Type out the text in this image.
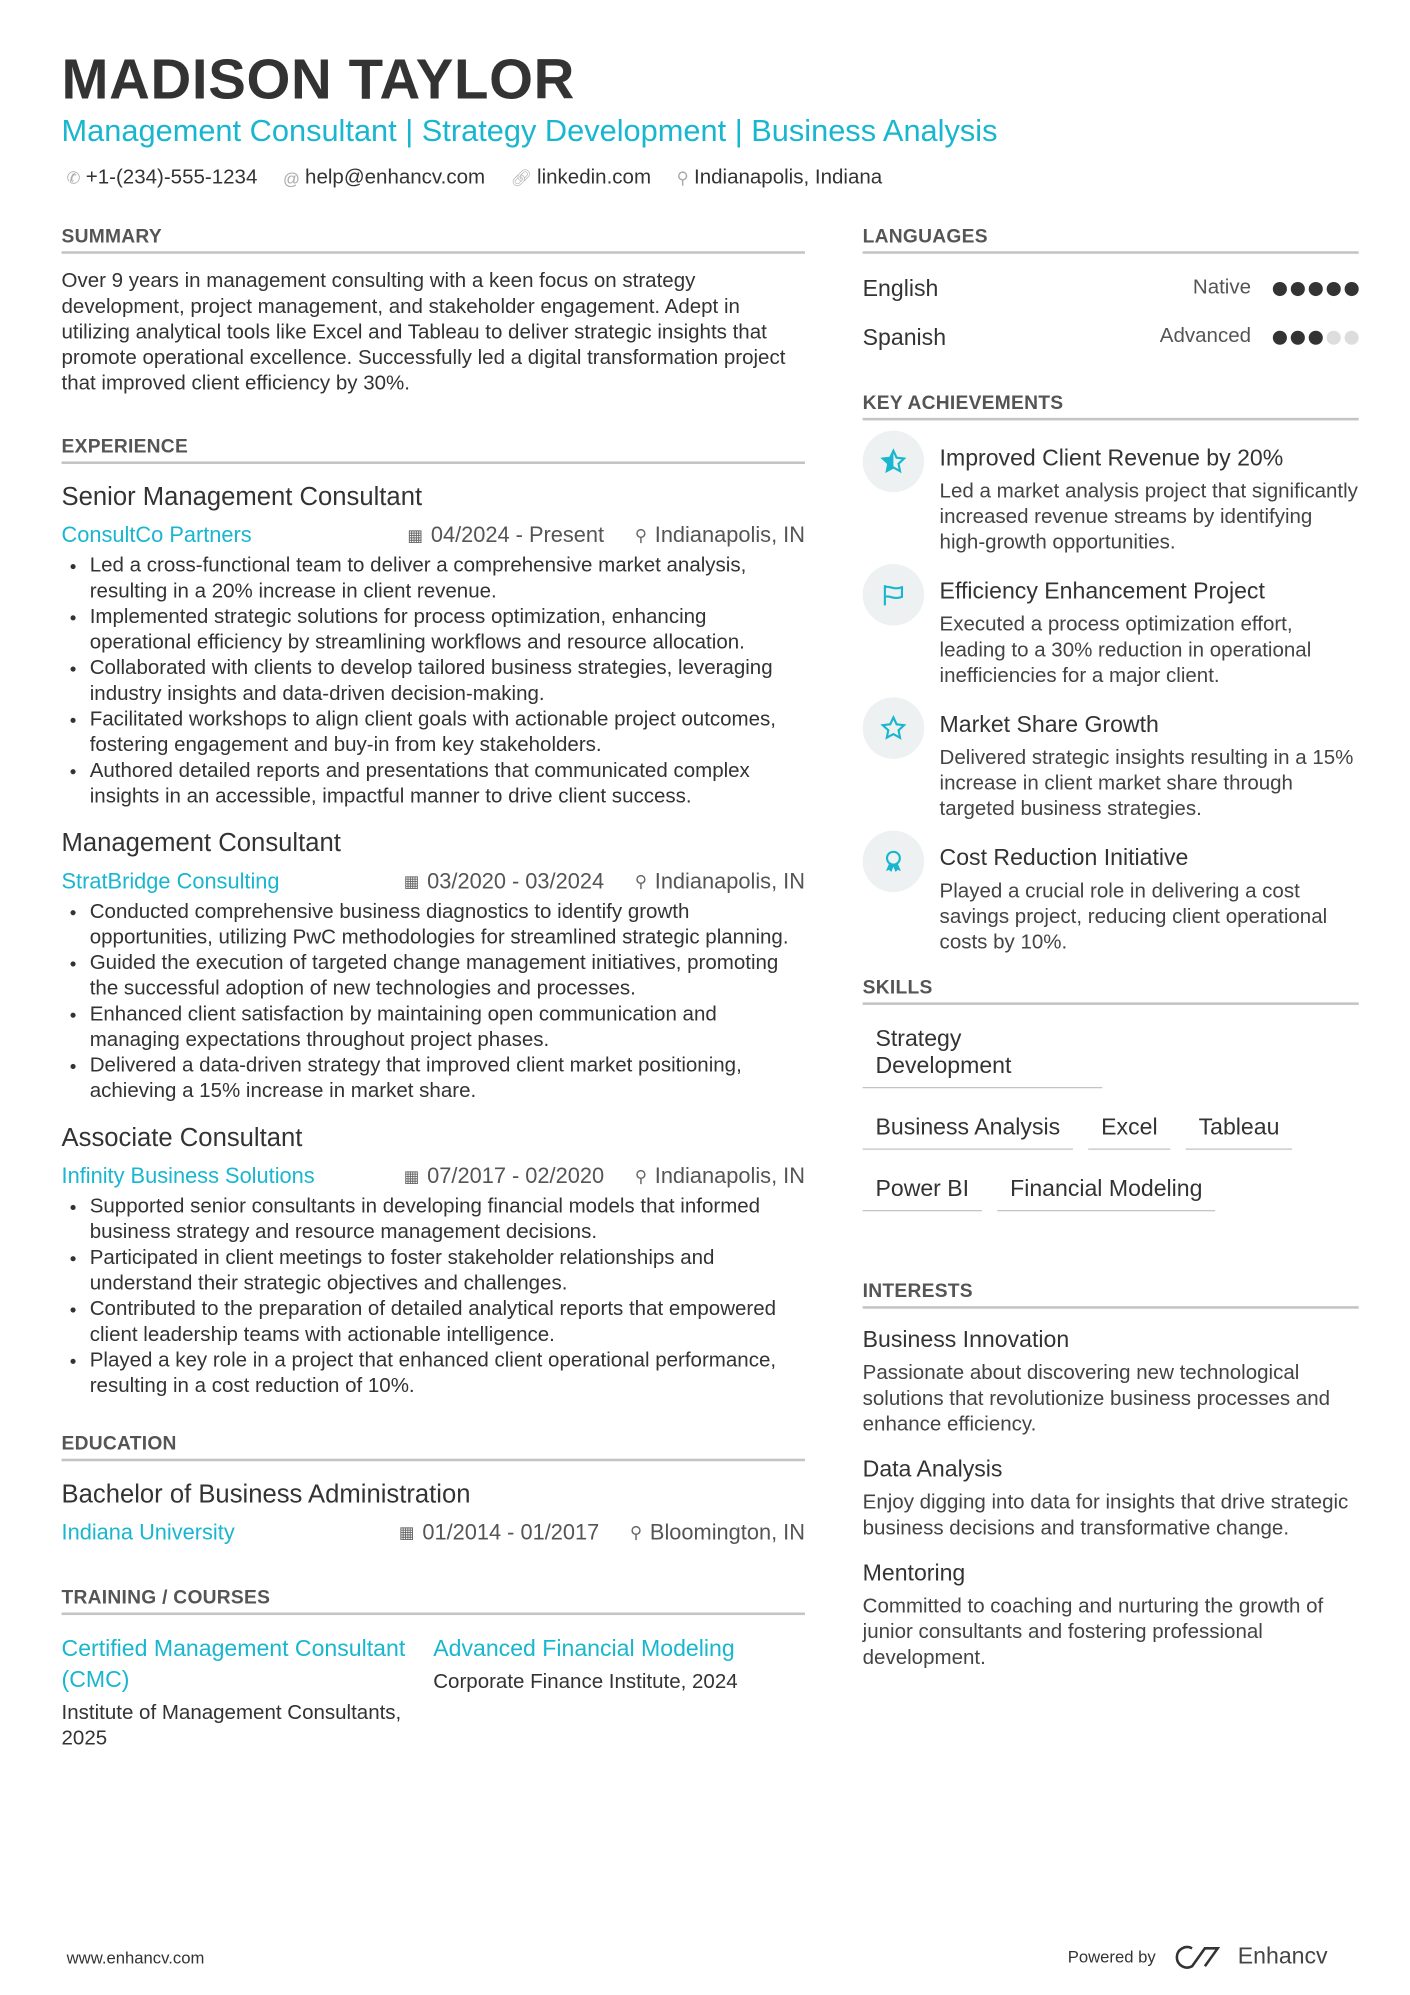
MADISON TAYLOR
Management Consultant | Strategy Development | Business Analysis
✆ +1-(234)-555-1234 @ help@enhancv.com 🔗︎ linkedin.com ⚲ Indianapolis, Indiana
SUMMARY

Over 9 years in management consulting with a keen focus on strategy development, project management, and stakeholder engagement. Adept in utilizing analytical tools like Excel and Tableau to deliver strategic insights that promote operational excellence. Successfully led a digital transformation project that improved client efficiency by 30%.

EXPERIENCE
Senior Management Consultant
ConsultCo Partners	▦ 04/2024 - Present ⚲ Indianapolis, IN
• Led a cross-functional team to deliver a comprehensive market analysis, resulting in a 20% increase in client revenue.
• Implemented strategic solutions for process optimization, enhancing operational efficiency by streamlining workflows and resource allocation.
• Collaborated with clients to develop tailored business strategies, leveraging industry insights and data-driven decision-making.
• Facilitated workshops to align client goals with actionable project outcomes, fostering engagement and buy-in from key stakeholders.
• Authored detailed reports and presentations that communicated complex insights in an accessible, impactful manner to drive client success.
Management Consultant
StratBridge Consulting	▦ 03/2020 - 03/2024 ⚲ Indianapolis, IN
• Conducted comprehensive business diagnostics to identify growth opportunities, utilizing PwC methodologies for streamlined strategic planning.
• Guided the execution of targeted change management initiatives, promoting the successful adoption of new technologies and processes.
• Enhanced client satisfaction by maintaining open communication and managing expectations throughout project phases.
• Delivered a data-driven strategy that improved client market positioning, achieving a 15% increase in market share.
Associate Consultant
Infinity Business Solutions	▦ 07/2017 - 02/2020 ⚲ Indianapolis, IN
• Supported senior consultants in developing financial models that informed business strategy and resource management decisions.
• Participated in client meetings to foster stakeholder relationships and understand their strategic objectives and challenges.
• Contributed to the preparation of detailed analytical reports that empowered client leadership teams with actionable intelligence.
• Played a key role in a project that enhanced client operational performance, resulting in a cost reduction of 10%.
EDUCATION
Bachelor of Business Administration
Indiana University	▦ 01/2014 - 01/2017 ⚲ Bloomington, IN
TRAINING / COURSES
Certified Management Consultant (CMC)
Institute of Management Consultants, 2025
Advanced Financial Modeling
Corporate Finance Institute, 2024
LANGUAGES
English	Native
Spanish	Advanced
KEY ACHIEVEMENTS
Improved Client Revenue by 20%

Led a market analysis project that significantly increased revenue streams by identifying high-growth opportunities.

Efficiency Enhancement Project

Executed a process optimization effort, leading to a 30% reduction in operational inefficiencies for a major client.

Market Share Growth

Delivered strategic insights resulting in a 15% increase in client market share through targeted business strategies.

Cost Reduction Initiative

Played a crucial role in delivering a cost savings project, reducing client operational costs by 10%.

SKILLS
Strategy Development
Business Analysis	Excel	Tableau
Power BI	Financial Modeling
INTERESTS
Business Innovation

Passionate about discovering new technological solutions that revolutionize business processes and enhance efficiency.

Data Analysis

Enjoy digging into data for insights that drive strategic business decisions and transformative change.

Mentoring

Committed to coaching and nurturing the growth of junior consultants and fostering professional development.

www.enhancv.com	Powered by	Enhancv
